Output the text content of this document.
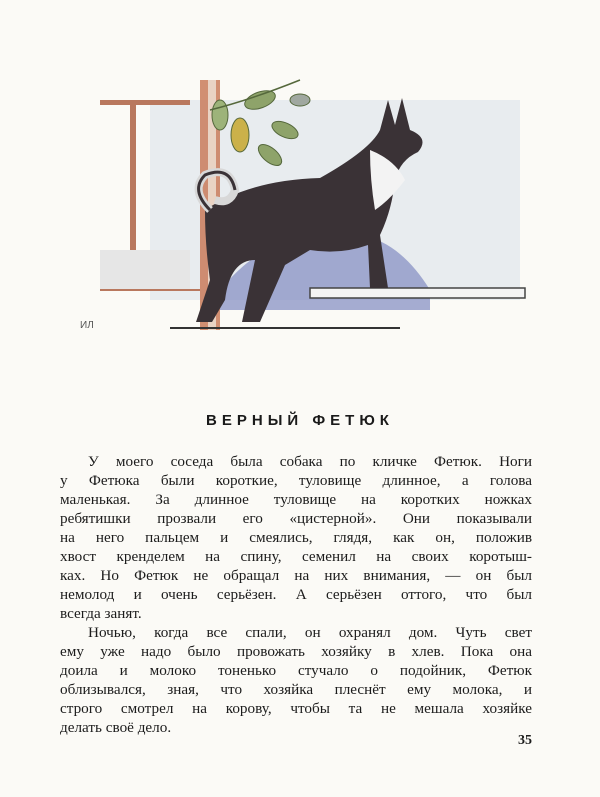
ИЛ
ВЕРНЫЙ ФЕТЮК
У моего соседа была собака по кличке Фетюк. Ноги
у Фетюка были короткие, туловище длинное, а голова
маленькая. За длинное туловище на коротких ножках
ребятишки прозвали его «цистерной». Они показывали
на него пальцем и смеялись, глядя, как он, положив
хвост кренделем на спину, семенил на своих коротыш-
ках. Но Фетюк не обращал на них внимания, — он был
немолод и очень серьёзен. А серьёзен оттого, что был
всегда занят.
Ночью, когда все спали, он охранял дом. Чуть свет
ему уже надо было провожать хозяйку в хлев. Пока она
доила и молоко тоненько стучало о подойник, Фетюк
облизывался, зная, что хозяйка плеснёт ему молока, и
строго смотрел на корову, чтобы та не мешала хозяйке
делать своё дело.
35
